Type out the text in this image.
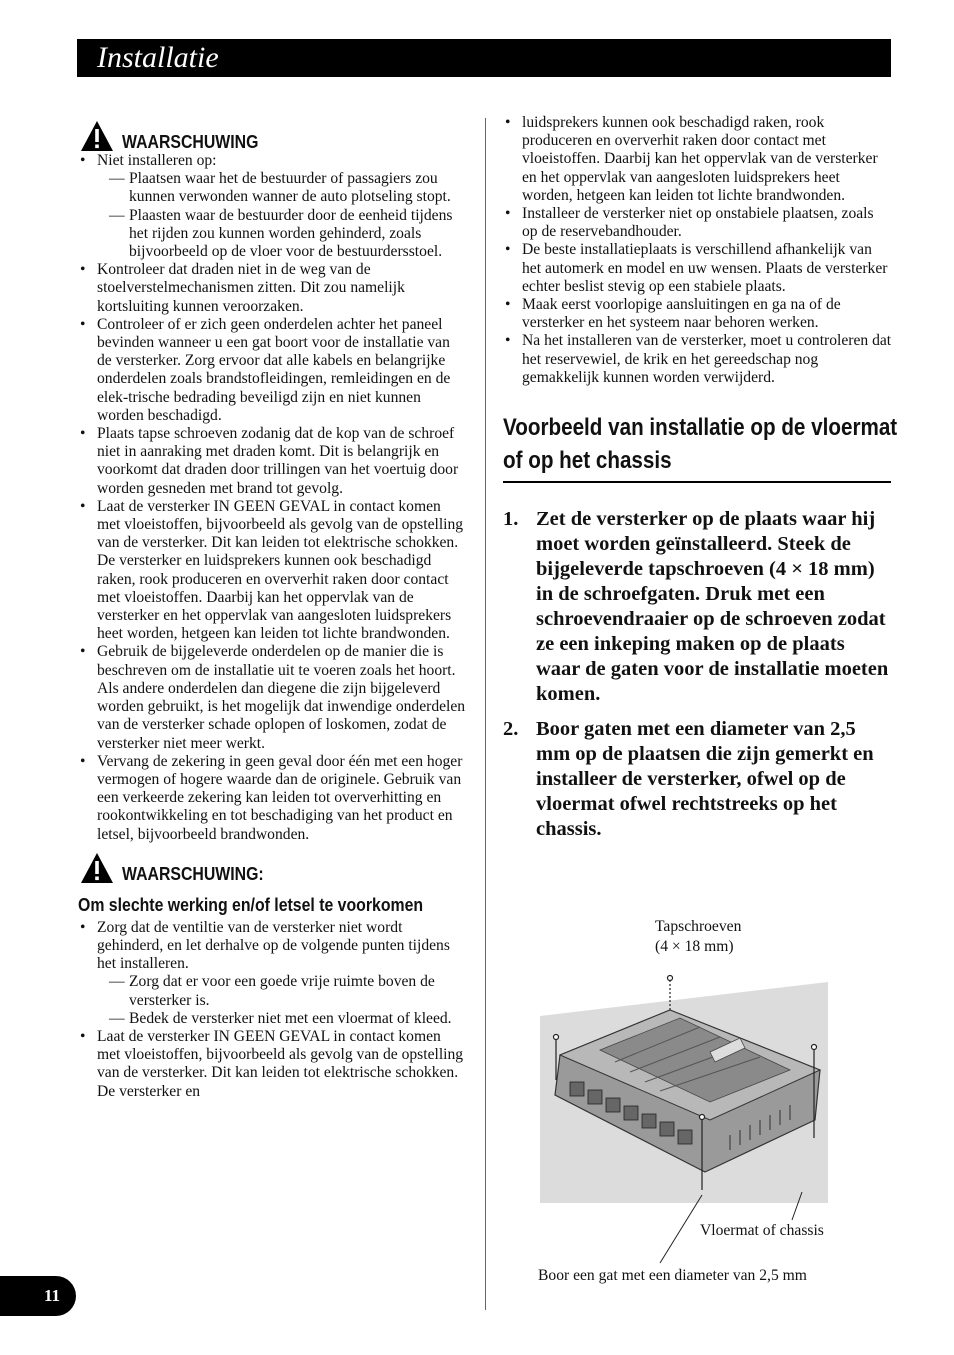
Installatie
WAARSCHUWING
• Niet installeren op:
— Plaatsen waar het de bestuurder of passagiers zou kunnen verwonden wanner de auto plotseling stopt.
— Plaasten waar de bestuurder door de eenheid tijdens het rijden zou kunnen worden gehinderd, zoals bijvoorbeeld op de vloer voor de bestuurdersstoel.
• Kontroleer dat draden niet in de weg van de stoelverstelmechanismen zitten. Dit zou namelijk kortsluiting kunnen veroorzaken.
• Controleer of er zich geen onderdelen achter het paneel bevinden wanneer u een gat boort voor de installatie van de versterker. Zorg ervoor dat alle kabels en belangrijke onderdelen zoals brandstofleidingen, remleidingen en de elek-trische bedrading beveiligd zijn en niet kunnen worden beschadigd.
• Plaats tapse schroeven zodanig dat de kop van de schroef niet in aanraking met draden komt. Dit is belangrijk en voorkomt dat draden door trillingen van het voertuig door worden gesneden met brand tot gevolg.
• Laat de versterker IN GEEN GEVAL in contact komen met vloeistoffen, bijvoorbeeld als gevolg van de opstelling van de versterker. Dit kan leiden tot elektrische schokken. De versterker en luidsprekers kunnen ook beschadigd raken, rook produceren en oververhit raken door contact met vloeistoffen. Daarbij kan het oppervlak van de versterker en het oppervlak van aangesloten luidsprekers heet worden, hetgeen kan leiden tot lichte brandwonden.
• Gebruik de bijgeleverde onderdelen op de manier die is beschreven om de installatie uit te voeren zoals het hoort. Als andere onderdelen dan diegene die zijn bijgeleverd worden gebruikt, is het mogelijk dat inwendige onderdelen van de versterker schade oplopen of loskomen, zodat de versterker niet meer werkt.
• Vervang de zekering in geen geval door één met een hoger vermogen of hogere waarde dan de originele. Gebruik van een verkeerde zekering kan leiden tot oververhitting en rookontwikkeling en tot beschadiging van het product en letsel, bijvoorbeeld brandwonden.
WAARSCHUWING:
Om slechte werking en/of letsel te voorkomen
• Zorg dat de ventiltie van de versterker niet wordt gehinderd, en let derhalve op de volgende punten tijdens het installeren.
— Zorg dat er voor een goede vrije ruimte boven de versterker is.
— Bedek de versterker niet met een vloermat of kleed.
• Laat de versterker IN GEEN GEVAL in contact komen met vloeistoffen, bijvoorbeeld als gevolg van de opstelling van de versterker. Dit kan leiden tot elektrische schokken. De versterker en
• luidsprekers kunnen ook beschadigd raken, rook produceren en oververhit raken door contact met vloeistoffen. Daarbij kan het oppervlak van de versterker en het oppervlak van aangesloten luidsprekers heet worden, hetgeen kan leiden tot lichte brandwonden.
• Installeer de versterker niet op onstabiele plaatsen, zoals op de reservebandhouder.
• De beste installatieplaats is verschillend afhankelijk van het automerk en model en uw wensen. Plaats de versterker echter beslist stevig op een stabiele plaats.
• Maak eerst voorlopige aansluitingen en ga na of de versterker en het systeem naar behoren werken.
• Na het installeren van de versterker, moet u controleren dat het reservewiel, de krik en het gereedschap nog gemakkelijk kunnen worden verwijderd.
Voorbeeld van installatie op de vloermat of op het chassis
1. Zet de versterker op de plaats waar hij moet worden geïnstalleerd. Steek de bijgeleverde tapschroeven (4 × 18 mm) in de schroefgaten. Druk met een schroevendraaier op de schroeven zodat ze een inkeping maken op de plaats waar de gaten voor de installatie moeten komen.
2. Boor gaten met een diameter van 2,5 mm op de plaatsen die zijn gemerkt en installeer de versterker, ofwel op de vloermat ofwel rechtstreeks op het chassis.
Tapschroeven
(4 × 18 mm)
Vloermat of chassis
Boor een gat met een diameter van 2,5 mm
11
